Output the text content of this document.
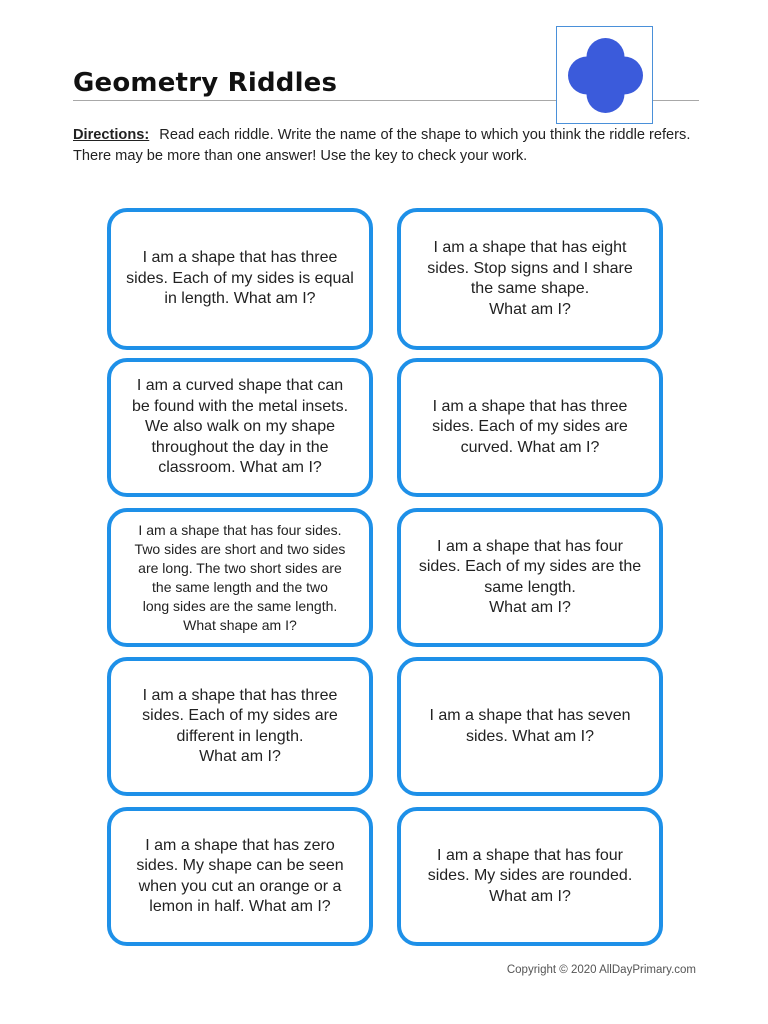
Geometry Riddles
Directions: Read each riddle. Write the name of the shape to which you think the riddle refers. There may be more than one answer! Use the key to check your work.
I am a shape that has three
sides. Each of my sides is equal
in length. What am I?
I am a curved shape that can
be found with the metal insets.
We also walk on my shape
throughout the day in the
classroom. What am I?
I am a shape that has four sides.
Two sides are short and two sides
are long. The two short sides are
the same length and the two
long sides are the same length.
What shape am I?
I am a shape that has three
sides. Each of my sides are
different in length.
What am I?
I am a shape that has zero
sides. My shape can be seen
when you cut an orange or a
lemon in half. What am I?
I am a shape that has eight
sides. Stop signs and I share
the same shape.
What am I?
I am a shape that has three
sides. Each of my sides are
curved. What am I?
I am a shape that has four
sides. Each of my sides are the
same length.
What am I?
I am a shape that has seven
sides. What am I?
I am a shape that has four
sides. My sides are rounded.
What am I?
Copyright © 2020 AllDayPrimary.com
